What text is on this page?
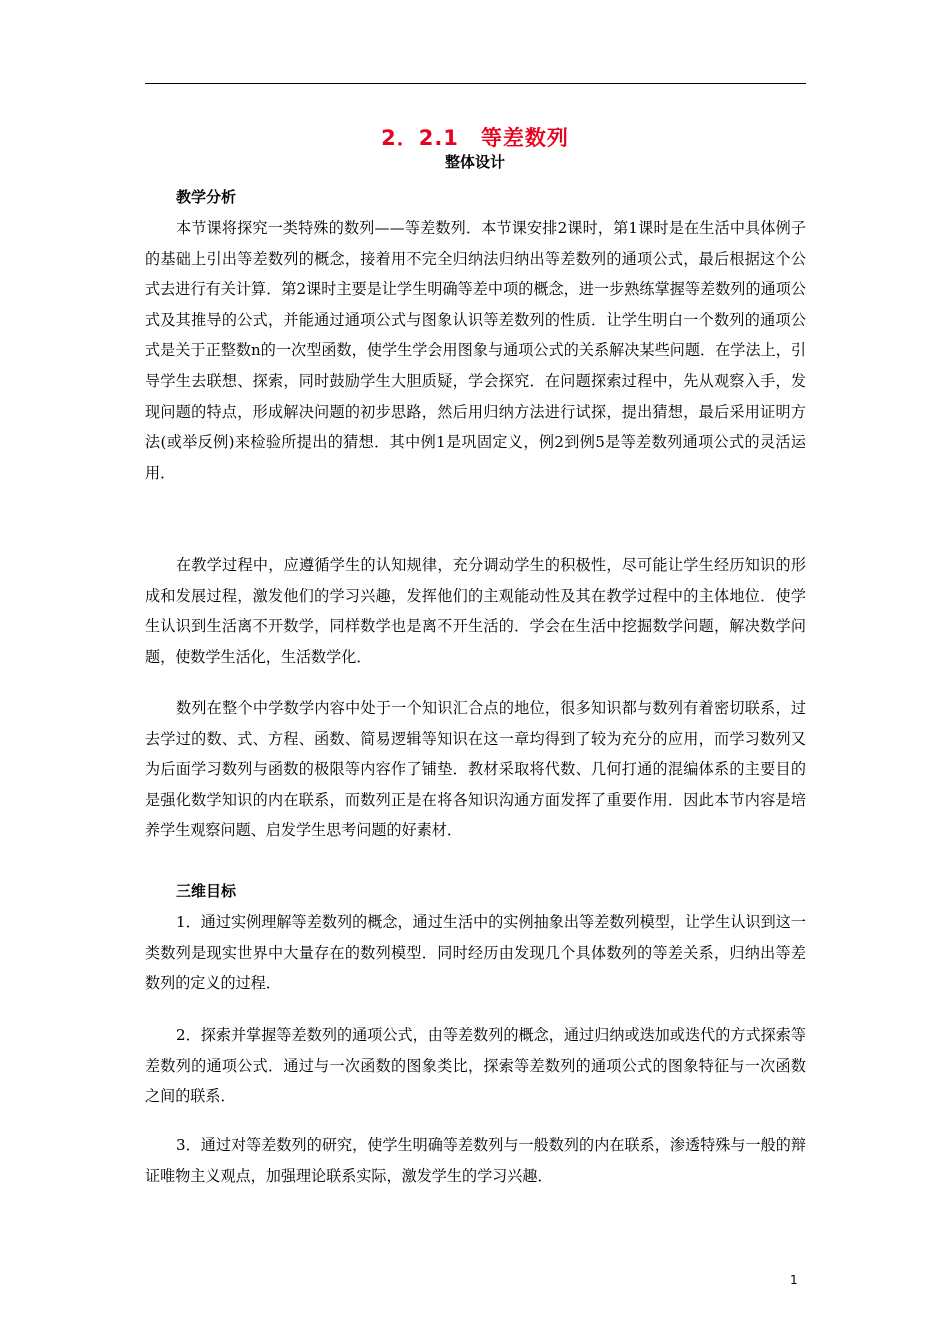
2．2.1　等差数列
整体设计
教学分析

本节课将探究一类特殊的数列——等差数列．本节课安排2课时，第1课时是在生活中具体例子的基础上引出等差数列的概念，接着用不完全归纳法归纳出等差数列的通项公式，最后根据这个公式去进行有关计算．第2课时主要是让学生明确等差中项的概念，进一步熟练掌握等差数列的通项公式及其推导的公式，并能通过通项公式与图象认识等差数列的性质．让学生明白一个数列的通项公式是关于正整数n的一次型函数，使学生学会用图象与通项公式的关系解决某些问题．在学法上，引导学生去联想、探索，同时鼓励学生大胆质疑，学会探究．在问题探索过程中，先从观察入手，发现问题的特点，形成解决问题的初步思路，然后用归纳方法进行试探，提出猜想，最后采用证明方法(或举反例)来检验所提出的猜想．其中例1是巩固定义，例2到例5是等差数列通项公式的灵活运用．

在教学过程中，应遵循学生的认知规律，充分调动学生的积极性，尽可能让学生经历知识的形成和发展过程，激发他们的学习兴趣，发挥他们的主观能动性及其在教学过程中的主体地位．使学生认识到生活离不开数学，同样数学也是离不开生活的．学会在生活中挖掘数学问题，解决数学问题，使数学生活化，生活数学化．

数列在整个中学数学内容中处于一个知识汇合点的地位，很多知识都与数列有着密切联系，过去学过的数、式、方程、函数、简易逻辑等知识在这一章均得到了较为充分的应用，而学习数列又为后面学习数列与函数的极限等内容作了铺垫．教材采取将代数、几何打通的混编体系的主要目的是强化数学知识的内在联系，而数列正是在将各知识沟通方面发挥了重要作用．因此本节内容是培养学生观察问题、启发学生思考问题的好素材．

三维目标

1．通过实例理解等差数列的概念，通过生活中的实例抽象出等差数列模型，让学生认识到这一类数列是现实世界中大量存在的数列模型．同时经历由发现几个具体数列的等差关系，归纳出等差数列的定义的过程．

2．探索并掌握等差数列的通项公式，由等差数列的概念，通过归纳或迭加或迭代的方式探索等差数列的通项公式．通过与一次函数的图象类比，探索等差数列的通项公式的图象特征与一次函数之间的联系．

3．通过对等差数列的研究，使学生明确等差数列与一般数列的内在联系，渗透特殊与一般的辩证唯物主义观点，加强理论联系实际，激发学生的学习兴趣．

1
